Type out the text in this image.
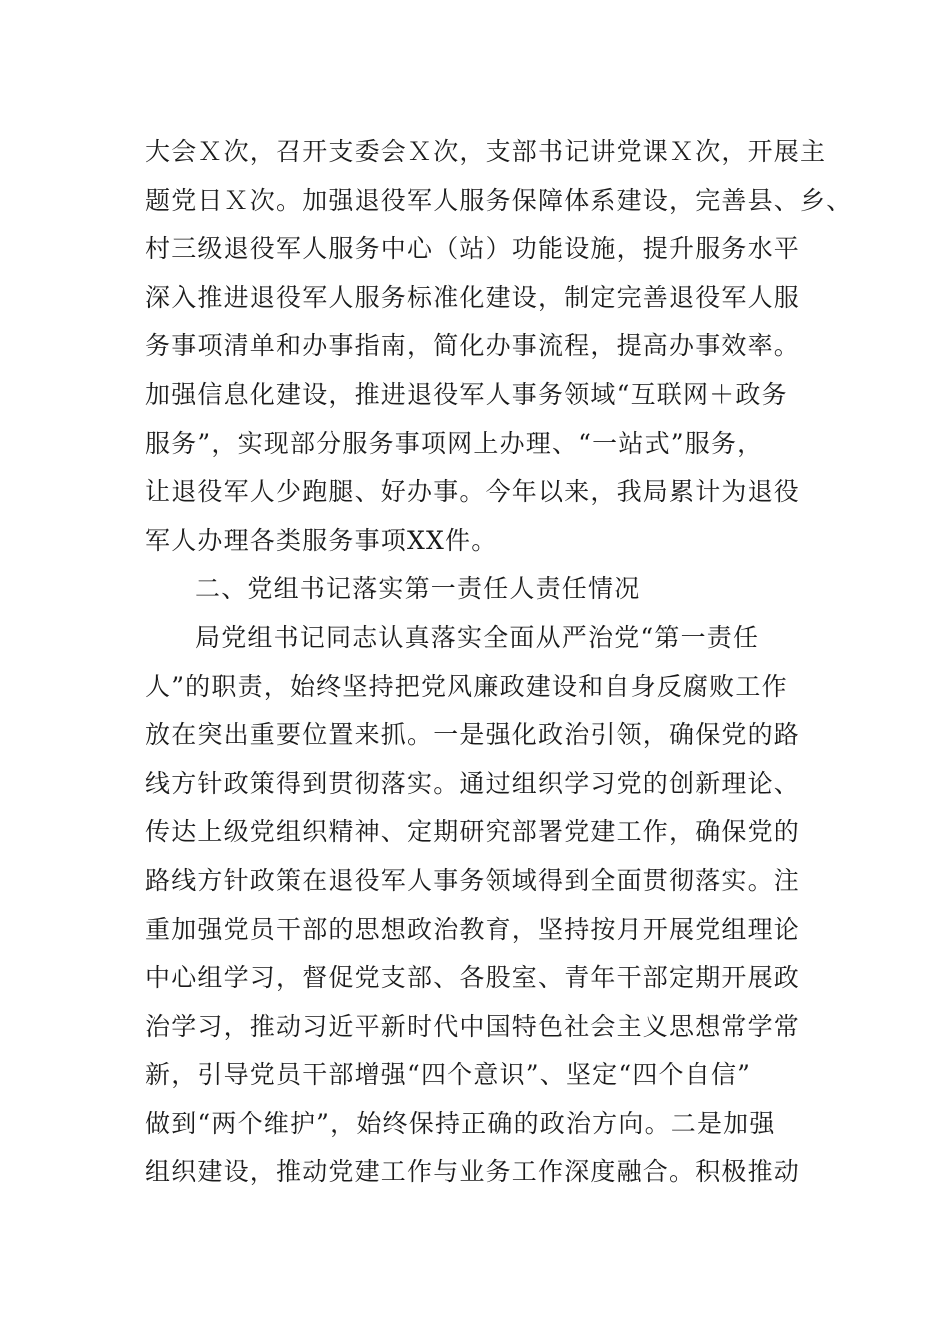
大会Ｘ次，召开支委会Ｘ次，支部书记讲党课Ｘ次，开展主
题党日Ｘ次。加强退役军人服务保障体系建设，完善县、乡、
村三级退役军人服务中心（站）功能设施，提升服务水平
深入推进退役军人服务标准化建设，制定完善退役军人服
务事项清单和办事指南，简化办事流程，提高办事效率。
加强信息化建设，推进退役军人事务领域“互联网＋政务
服务”，实现部分服务事项网上办理、“一站式”服务，
让退役军人少跑腿、好办事。今年以来，我局累计为退役
军人办理各类服务事项XX件。
二、党组书记落实第一责任人责任情况
局党组书记同志认真落实全面从严治党“第一责任
人”的职责，始终坚持把党风廉政建设和自身反腐败工作
放在突出重要位置来抓。一是强化政治引领，确保党的路
线方针政策得到贯彻落实。通过组织学习党的创新理论、
传达上级党组织精神、定期研究部署党建工作，确保党的
路线方针政策在退役军人事务领域得到全面贯彻落实。注
重加强党员干部的思想政治教育，坚持按月开展党组理论
中心组学习，督促党支部、各股室、青年干部定期开展政
治学习，推动习近平新时代中国特色社会主义思想常学常
新，引导党员干部增强“四个意识”、坚定“四个自信”
做到“两个维护”，始终保持正确的政治方向。二是加强
组织建设，推动党建工作与业务工作深度融合。积极推动
